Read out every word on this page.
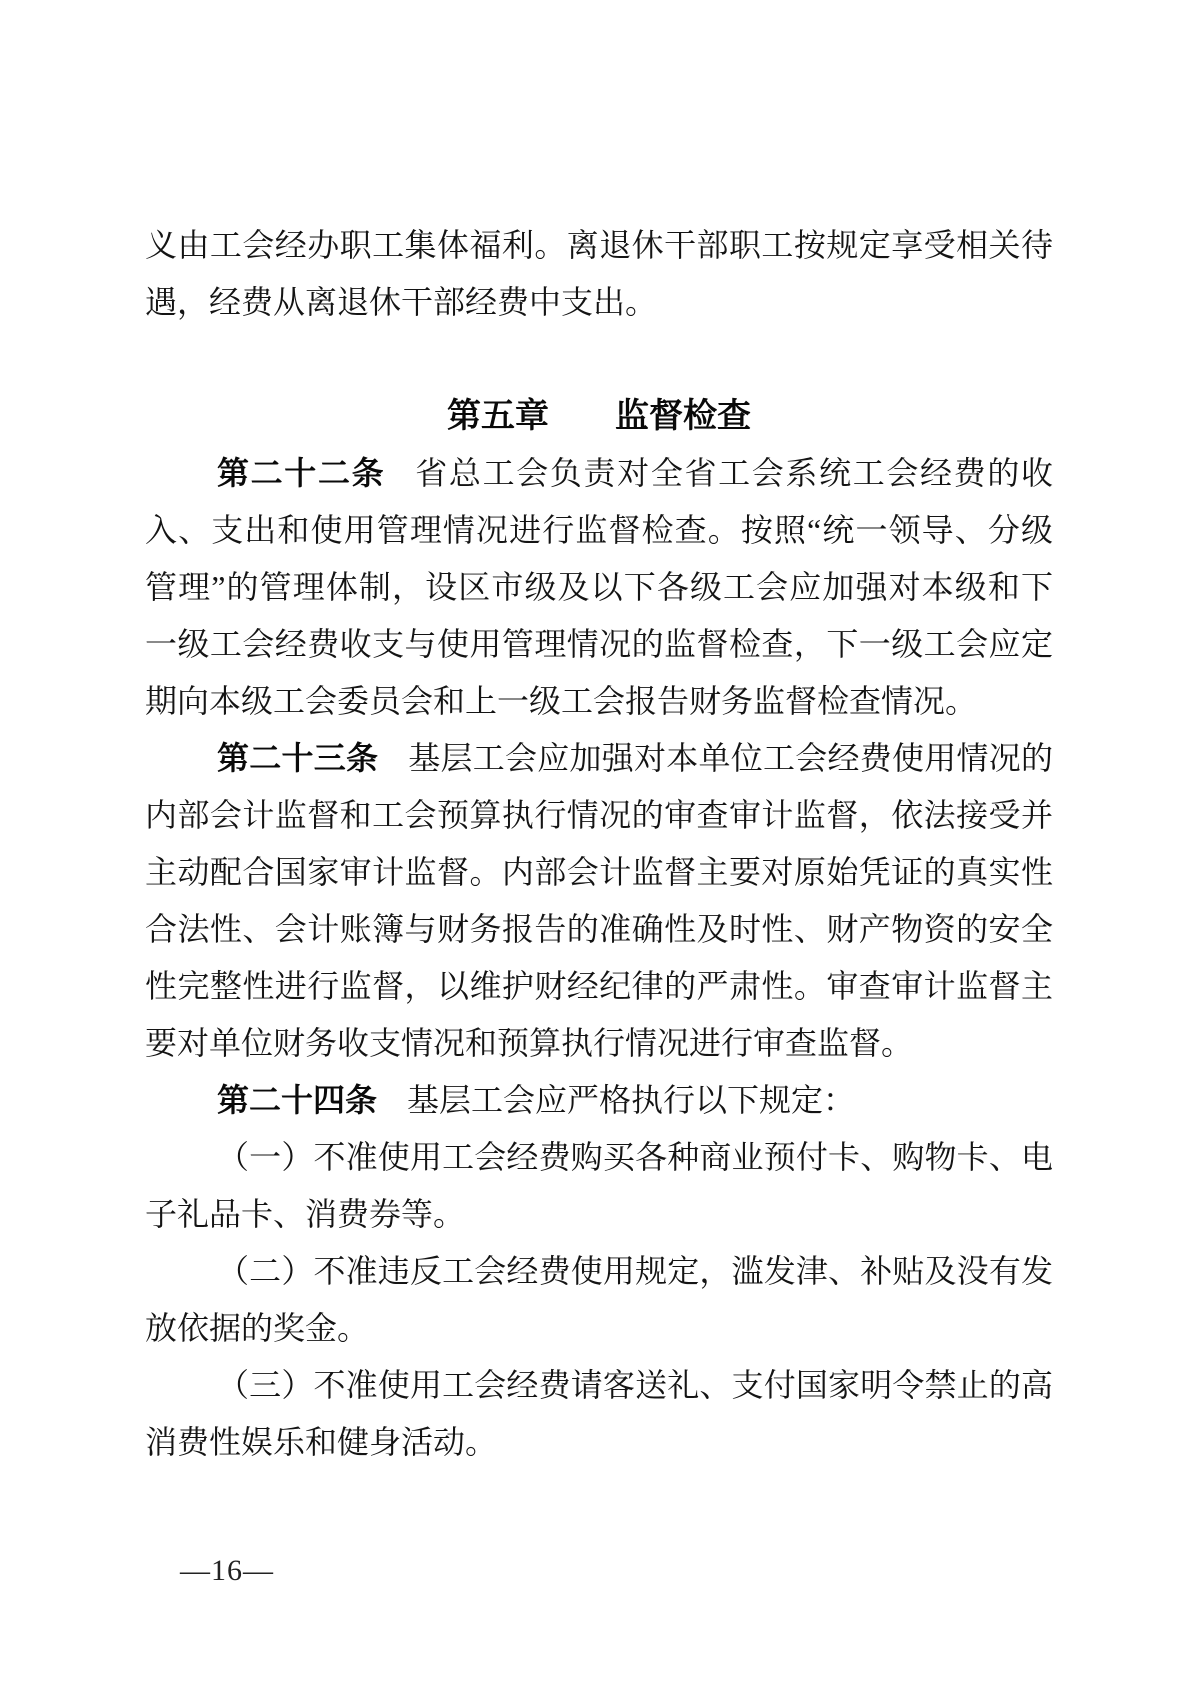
义由工会经办职工集体福利。离退休干部职工按规定享受相关待遇，经费从离退休干部经费中支出。

第五章 监督检查

第二十二条 省总工会负责对全省工会系统工会经费的收入、支出和使用管理情况进行监督检查。按照“统一领导、分级管理”的管理体制，设区市级及以下各级工会应加强对本级和下一级工会经费收支与使用管理情况的监督检查，下一级工会应定期向本级工会委员会和上一级工会报告财务监督检查情况。

第二十三条 基层工会应加强对本单位工会经费使用情况的内部会计监督和工会预算执行情况的审查审计监督，依法接受并主动配合国家审计监督。内部会计监督主要对原始凭证的真实性合法性、会计账簿与财务报告的准确性及时性、财产物资的安全性完整性进行监督，以维护财经纪律的严肃性。审查审计监督主要对单位财务收支情况和预算执行情况进行审查监督。

第二十四条 基层工会应严格执行以下规定：

（一）不准使用工会经费购买各种商业预付卡、购物卡、电子礼品卡、消费券等。

（二）不准违反工会经费使用规定，滥发津、补贴及没有发放依据的奖金。

（三）不准使用工会经费请客送礼、支付国家明令禁止的高消费性娱乐和健身活动。

—16—
